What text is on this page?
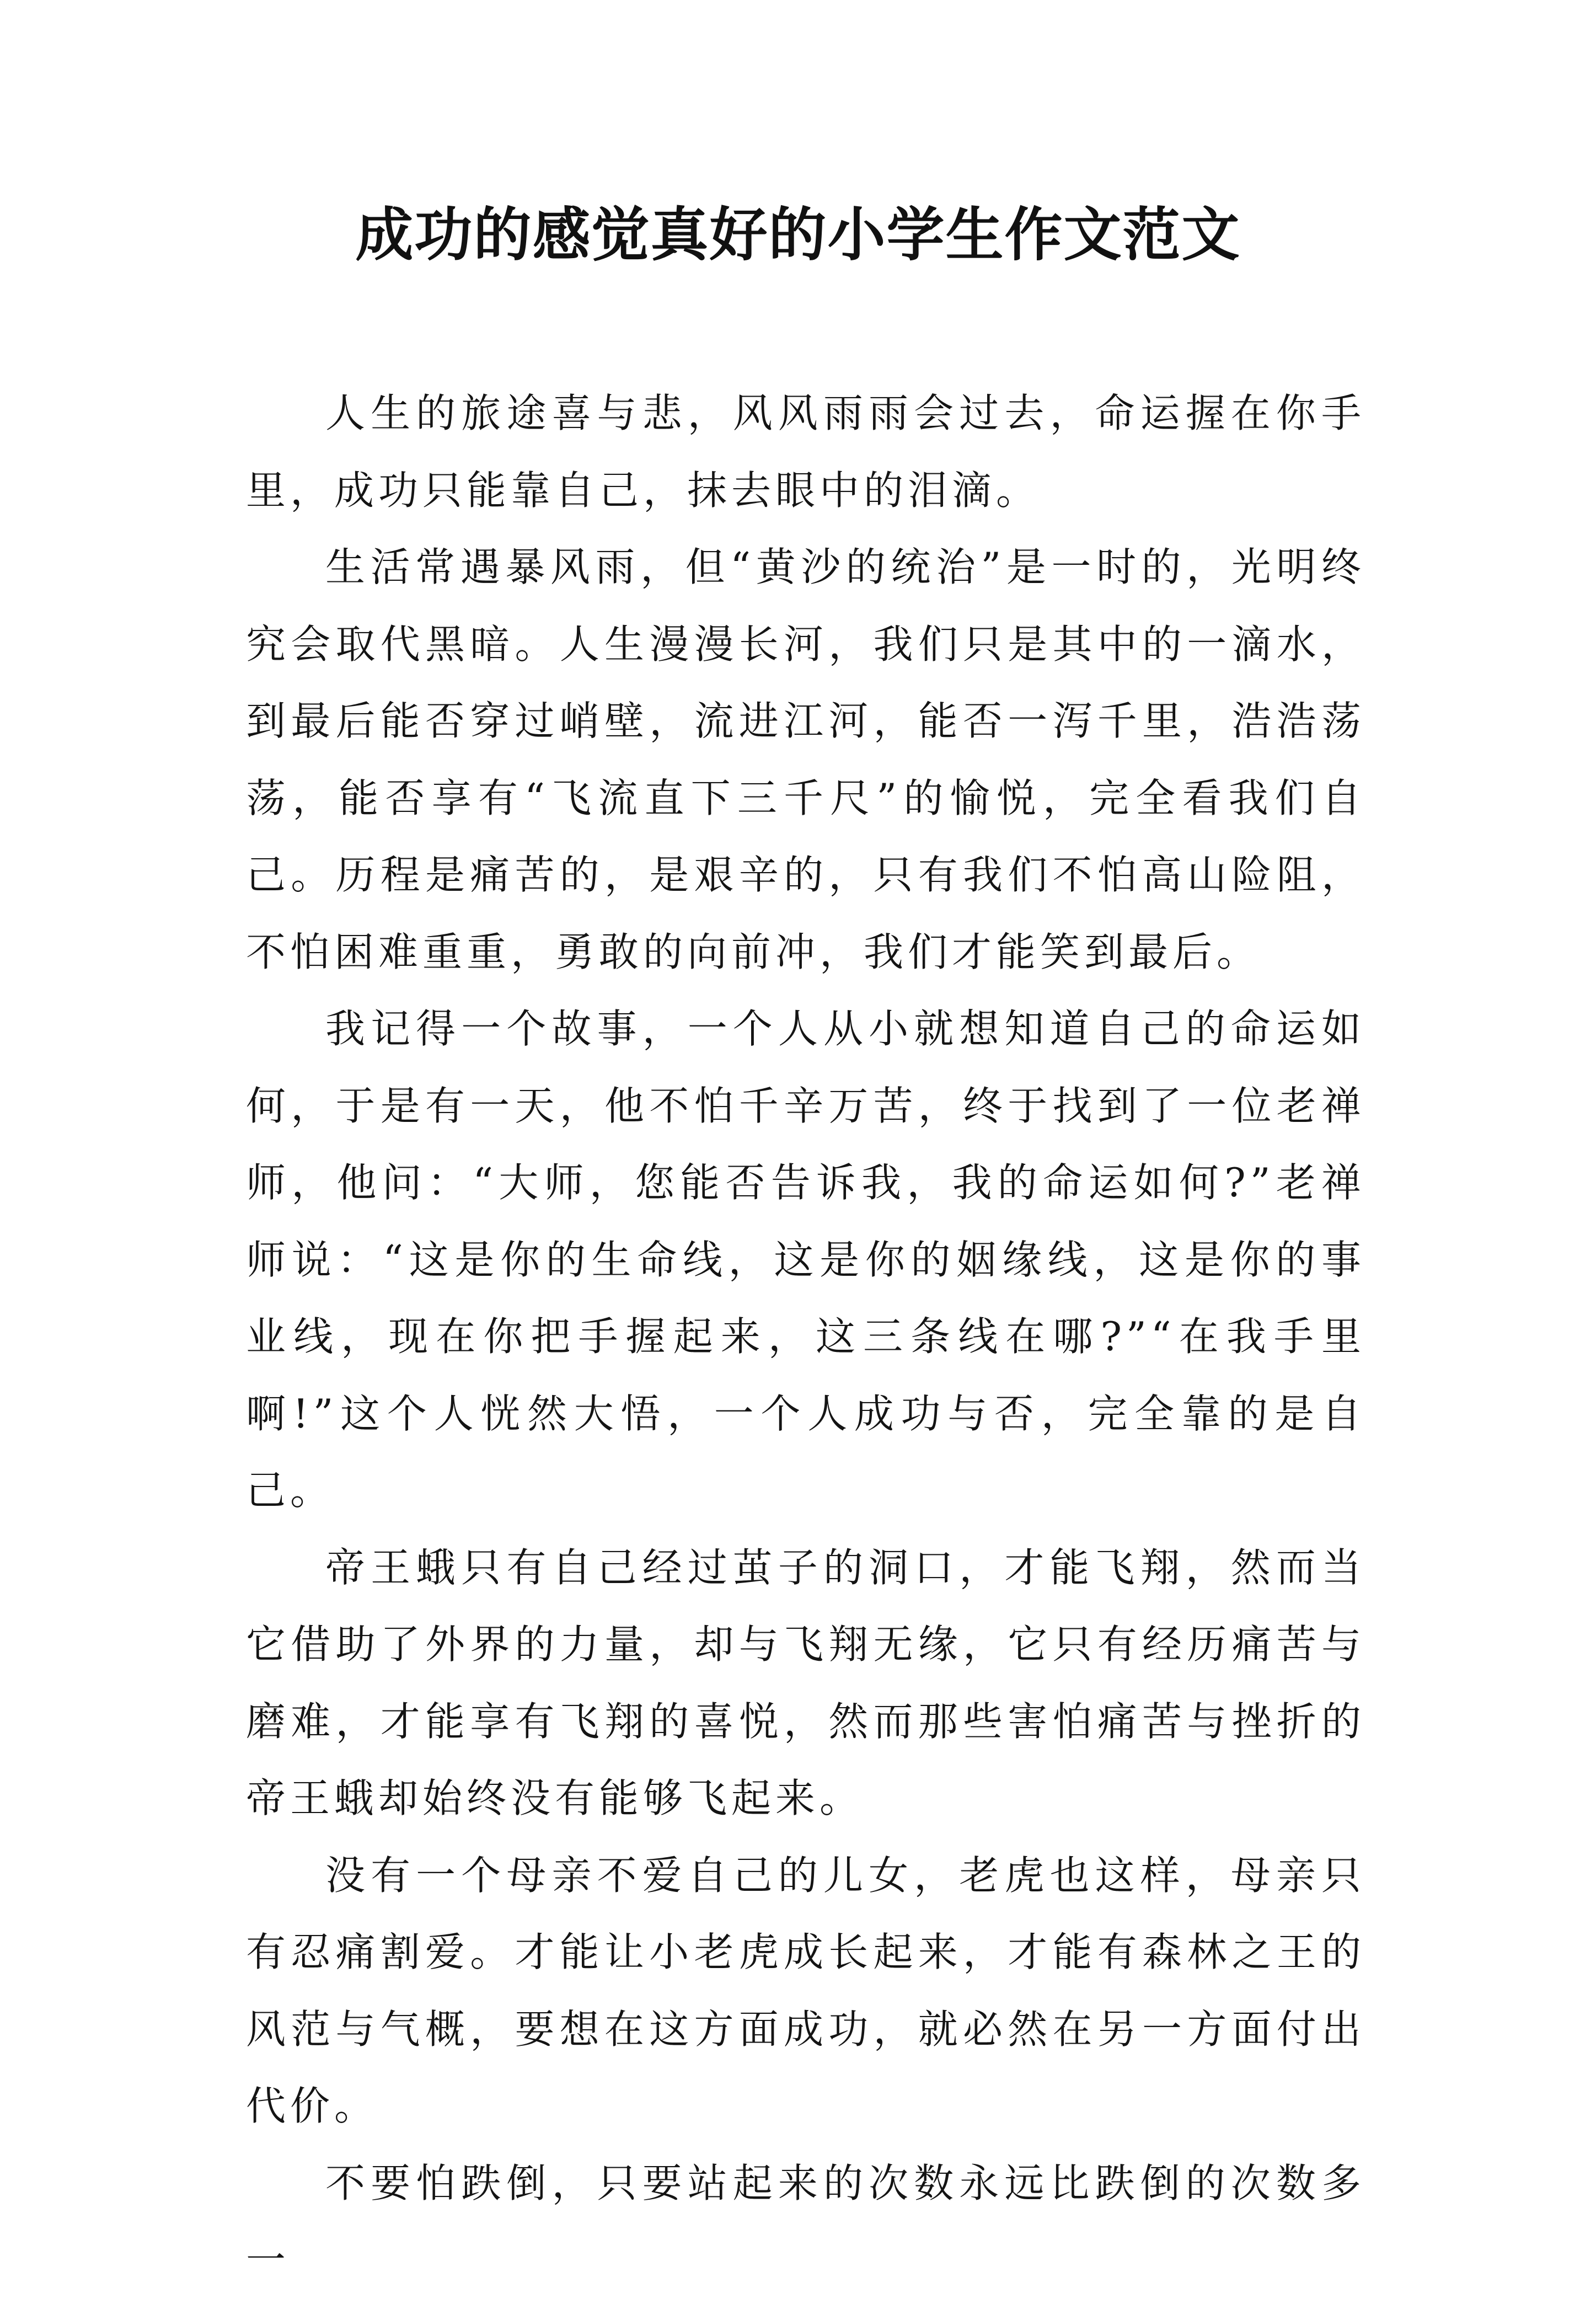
成功的感觉真好的小学生作文范文

人生的旅途喜与悲，风风雨雨会过去，命运握在你手里，成功只能靠自己，抹去眼中的泪滴。

生活常遇暴风雨，但“黄沙的统治”是一时的，光明终究会取代黑暗。人生漫漫长河，我们只是其中的一滴水，到最后能否穿过峭壁，流进江河，能否一泻千里，浩浩荡荡，能否享有“飞流直下三千尺”的愉悦，完全看我们自己。历程是痛苦的，是艰辛的，只有我们不怕高山险阻，不怕困难重重，勇敢的向前冲，我们才能笑到最后。

我记得一个故事，一个人从小就想知道自己的命运如何，于是有一天，他不怕千辛万苦，终于找到了一位老禅师，他问：“大师，您能否告诉我，我的命运如何?”老禅师说：“这是你的生命线，这是你的姻缘线，这是你的事业线，现在你把手握起来，这三条线在哪?”“在我手里啊!”这个人恍然大悟，一个人成功与否，完全靠的是自己。

帝王蛾只有自己经过茧子的洞口，才能飞翔，然而当它借助了外界的力量，却与飞翔无缘，它只有经历痛苦与磨难，才能享有飞翔的喜悦，然而那些害怕痛苦与挫折的帝王蛾却始终没有能够飞起来。

没有一个母亲不爱自己的儿女，老虎也这样，母亲只有忍痛割爱。才能让小老虎成长起来，才能有森林之王的风范与气概，要想在这方面成功，就必然在另一方面付出代价。

不要怕跌倒，只要站起来的次数永远比跌倒的次数多一
